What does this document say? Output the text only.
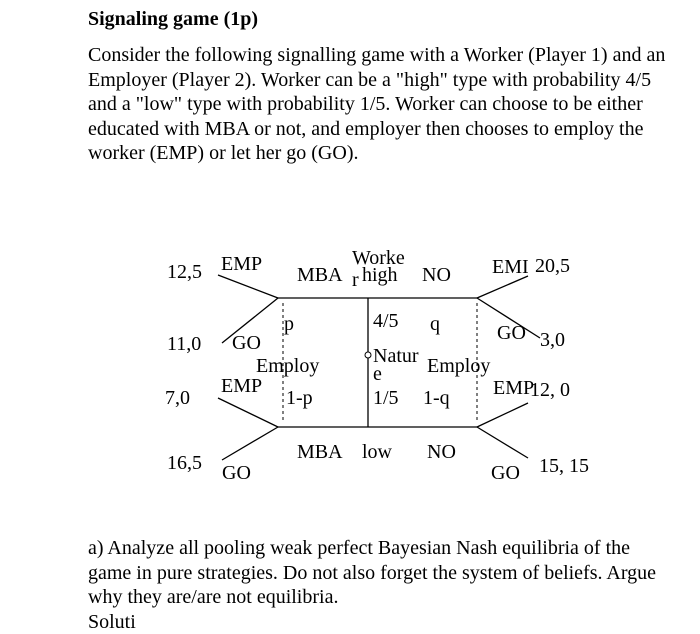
Signaling game (1p)

Consider the following signalling game with a Worker (Player 1) and an Employer (Player 2). Worker can be a "high" type with probability 4/5 and a "low" type with probability 1/5. Worker can choose to be either educated with MBA or not, and employer then chooses to employ the worker (EMP) or let her go (GO).

Worke
r high
low
MBA	NO
MBA	NO
4/5
Natur
e
1/5
p
1-p
q
1-q
Employ	Employ
EMP
GO
EMP
GO
EMI
GO
EMP
GO
12,5
11,0
7,0
16,5
20,5
3,0
12, 0
15, 15

a) Analyze all pooling weak perfect Bayesian Nash equilibria of the game in pure strategies. Do not also forget the system of beliefs. Argue why they are/are not equilibria.

Soluti
